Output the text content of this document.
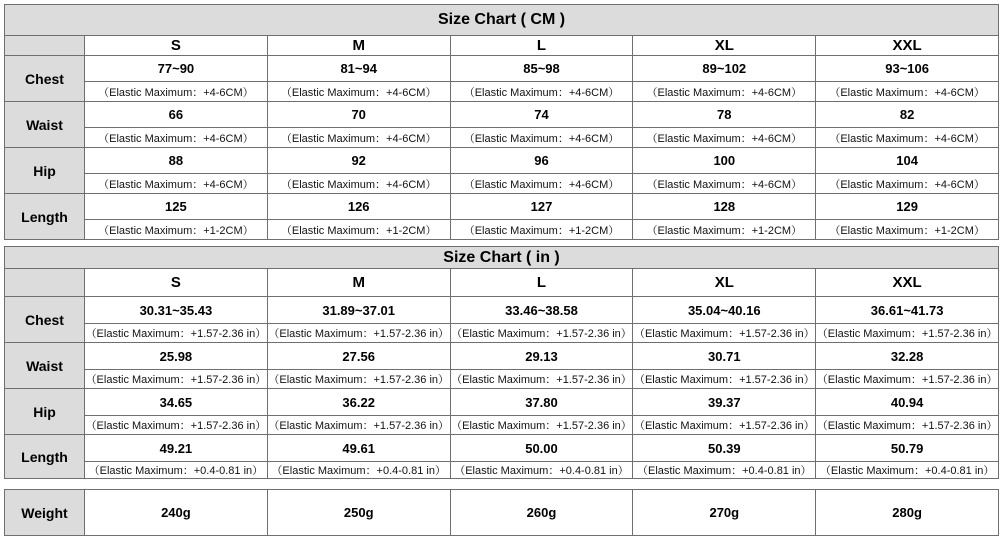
Size Chart ( CM )					
	S	M	L	XL	XXL
Chest	77~90	81~94	85~98	89~102	93~106
	（Elastic Maximum：+4-6CM）	（Elastic Maximum：+4-6CM）	（Elastic Maximum：+4-6CM）	（Elastic Maximum：+4-6CM）	（Elastic Maximum：+4-6CM）
Waist	66	70	74	78	82
	（Elastic Maximum：+4-6CM）	（Elastic Maximum：+4-6CM）	（Elastic Maximum：+4-6CM）	（Elastic Maximum：+4-6CM）	（Elastic Maximum：+4-6CM）
Hip	88	92	96	100	104
	（Elastic Maximum：+4-6CM）	（Elastic Maximum：+4-6CM）	（Elastic Maximum：+4-6CM）	（Elastic Maximum：+4-6CM）	（Elastic Maximum：+4-6CM）
Length	125	126	127	128	129
	（Elastic Maximum：+1-2CM）	（Elastic Maximum：+1-2CM）	（Elastic Maximum：+1-2CM）	（Elastic Maximum：+1-2CM）	（Elastic Maximum：+1-2CM）
Size Chart ( in )					
	S	M	L	XL	XXL
Chest	30.31~35.43	31.89~37.01	33.46~38.58	35.04~40.16	36.61~41.73
	（Elastic Maximum：+1.57-2.36 in）	（Elastic Maximum：+1.57-2.36 in）	（Elastic Maximum：+1.57-2.36 in）	（Elastic Maximum：+1.57-2.36 in）	（Elastic Maximum：+1.57-2.36 in）
Waist	25.98	27.56	29.13	30.71	32.28
	（Elastic Maximum：+1.57-2.36 in）	（Elastic Maximum：+1.57-2.36 in）	（Elastic Maximum：+1.57-2.36 in）	（Elastic Maximum：+1.57-2.36 in）	（Elastic Maximum：+1.57-2.36 in）
Hip	34.65	36.22	37.80	39.37	40.94
	（Elastic Maximum：+1.57-2.36 in）	（Elastic Maximum：+1.57-2.36 in）	（Elastic Maximum：+1.57-2.36 in）	（Elastic Maximum：+1.57-2.36 in）	（Elastic Maximum：+1.57-2.36 in）
Length	49.21	49.61	50.00	50.39	50.79
	（Elastic Maximum：+0.4-0.81 in）	（Elastic Maximum：+0.4-0.81 in）	（Elastic Maximum：+0.4-0.81 in）	（Elastic Maximum：+0.4-0.81 in）	（Elastic Maximum：+0.4-0.81 in）
Weight	240g	250g	260g	270g	280g
